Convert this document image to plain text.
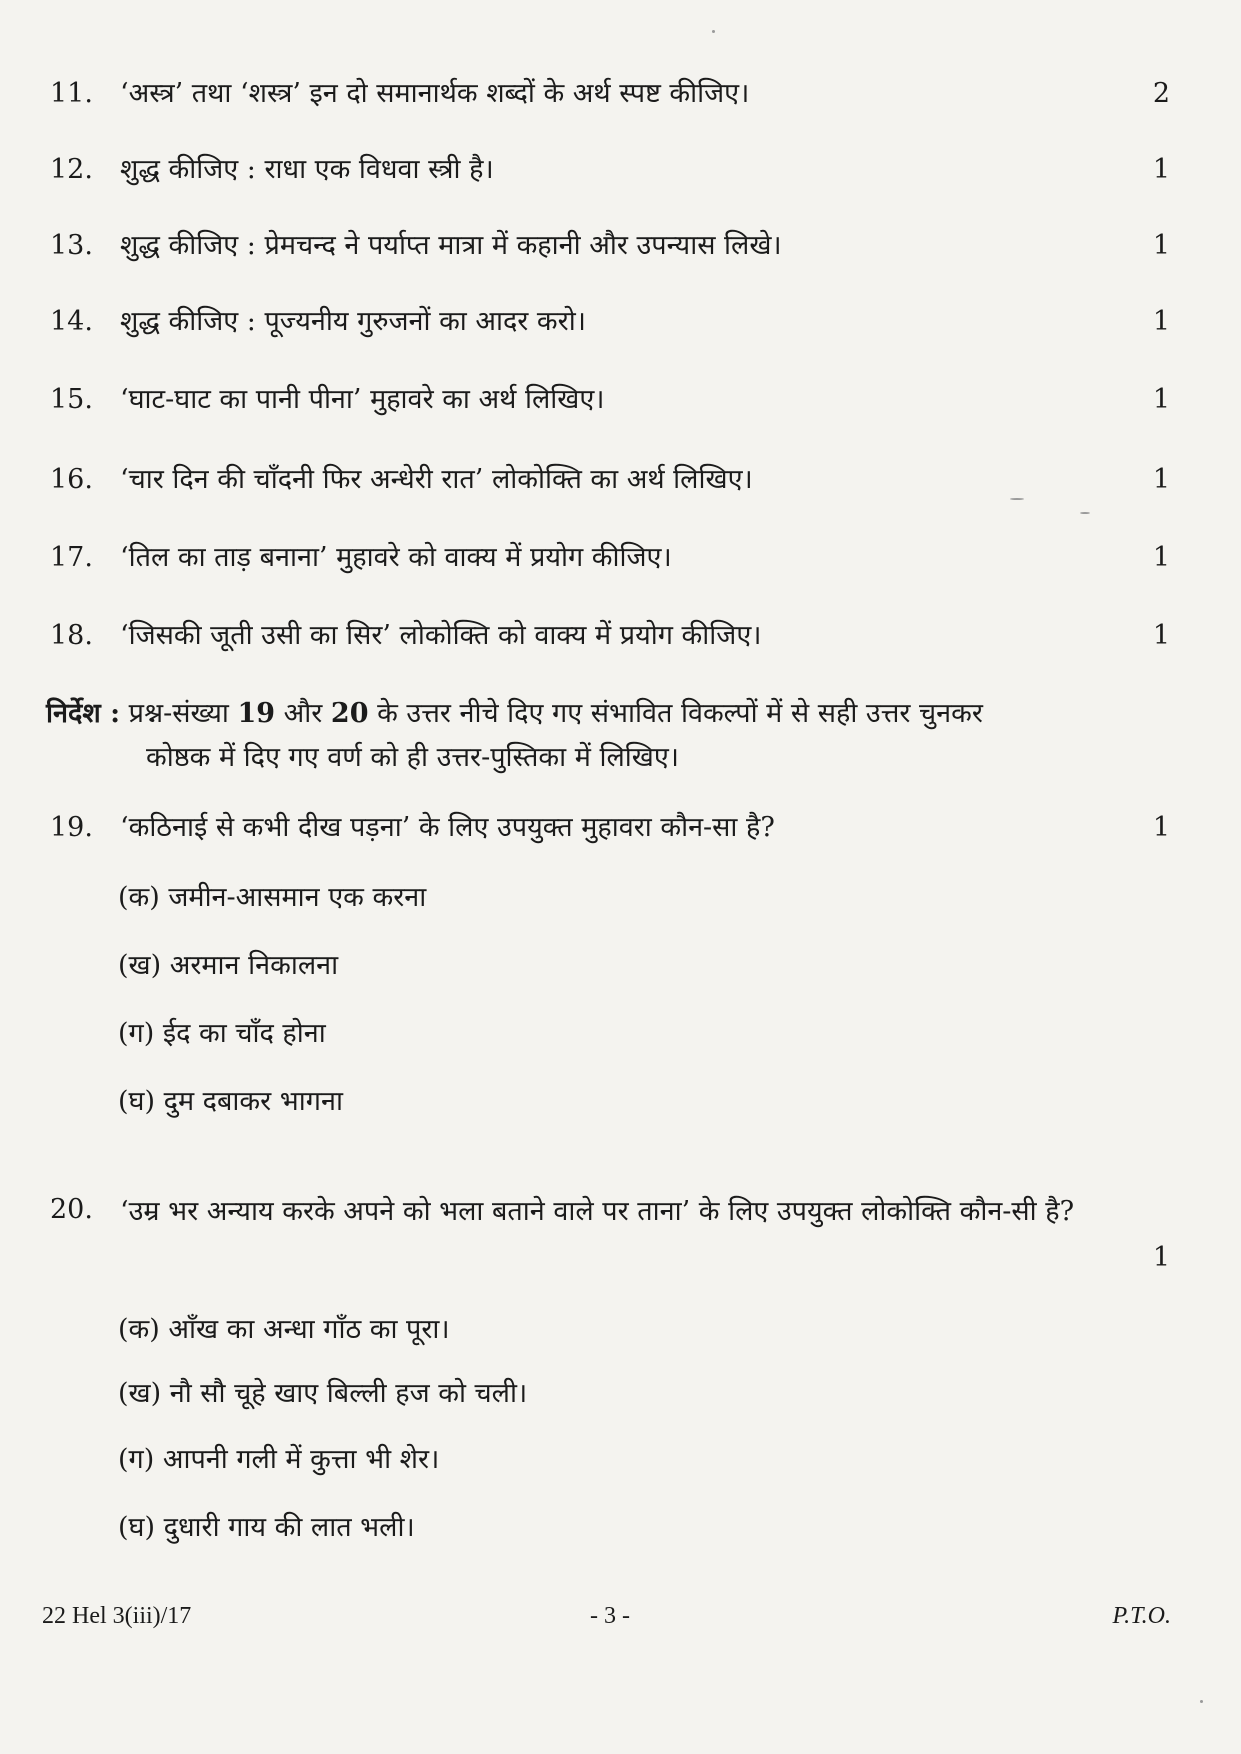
11.	‘अस्त्र’ तथा ‘शस्त्र’ इन दो समानार्थक शब्दों के अर्थ स्पष्ट कीजिए।	2
12.	शुद्ध कीजिए : राधा एक विधवा स्त्री है।	1
13.	शुद्ध कीजिए : प्रेमचन्द ने पर्याप्त मात्रा में कहानी और उपन्यास लिखे।	1
14.	शुद्ध कीजिए : पूज्यनीय गुरुजनों का आदर करो।	1
15.	‘घाट-घाट का पानी पीना’ मुहावरे का अर्थ लिखिए।	1
16.	‘चार दिन की चाँदनी फिर अन्धेरी रात’ लोकोक्ति का अर्थ लिखिए।	1
17.	‘तिल का ताड़ बनाना’ मुहावरे को वाक्य में प्रयोग कीजिए।	1
18.	‘जिसकी जूती उसी का सिर’ लोकोक्ति को वाक्य में प्रयोग कीजिए।	1
निर्देश : प्रश्न-संख्या 19 और 20 के उत्तर नीचे दिए गए संभावित विकल्पों में से सही उत्तर चुनकर
कोष्ठक में दिए गए वर्ण को ही उत्तर-पुस्तिका में लिखिए।
19.	‘कठिनाई से कभी दीख पड़ना’ के लिए उपयुक्त मुहावरा कौन-सा है?	1
(क) जमीन-आसमान एक करना
(ख) अरमान निकालना
(ग) ईद का चाँद होना
(घ) दुम दबाकर भागना
20.	‘उम्र भर अन्याय करके अपने को भला बताने वाले पर ताना’ के लिए उपयुक्त लोकोक्ति कौन-सी है?
1
(क) आँख का अन्धा गाँठ का पूरा।
(ख) नौ सौ चूहे खाए बिल्ली हज को चली।
(ग) आपनी गली में कुत्ता भी शेर।
(घ) दुधारी गाय की लात भली।
22 Hel 3(iii)/17	- 3 -	P.T.O.
